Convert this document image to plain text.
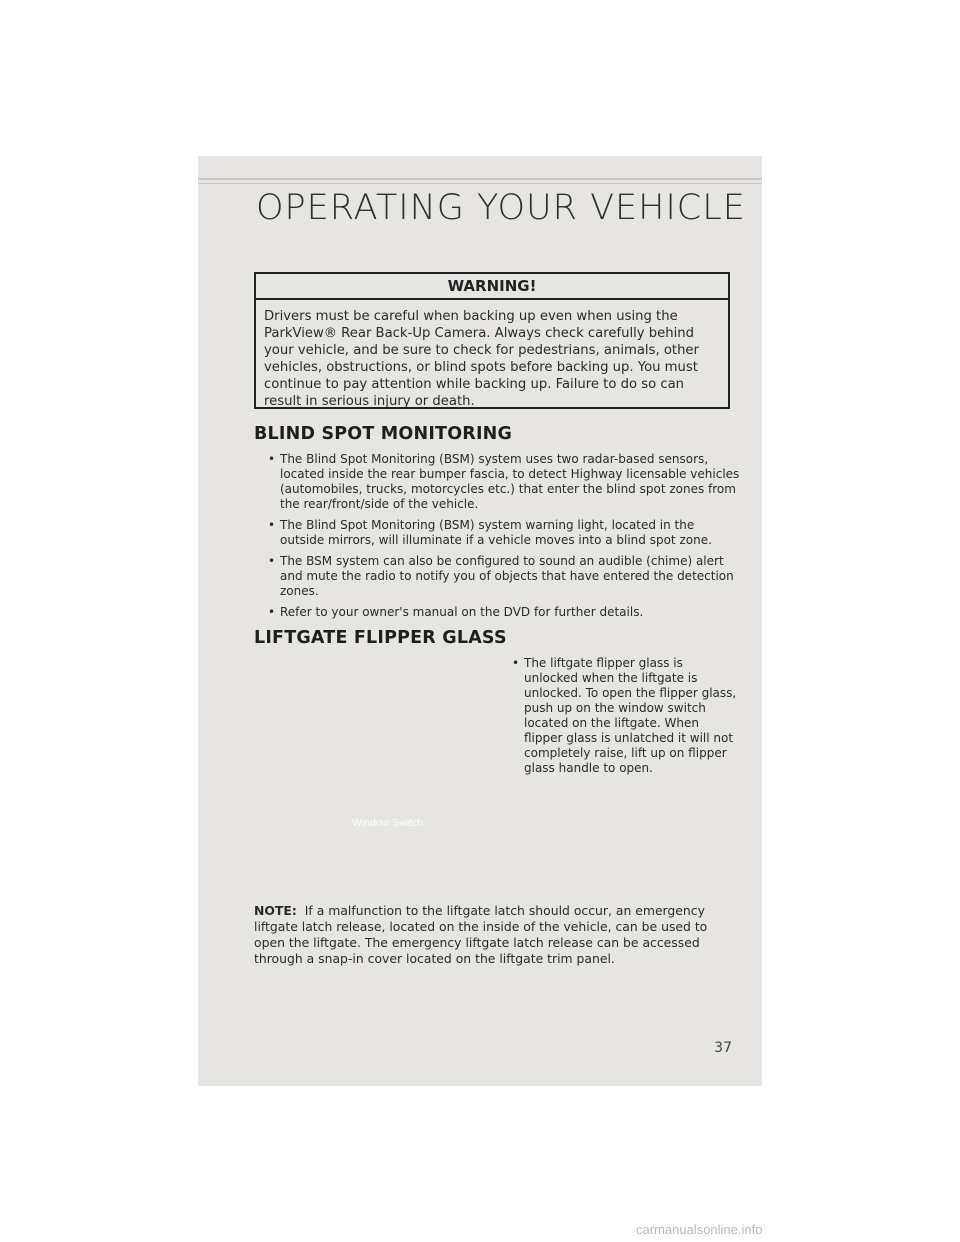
OPERATING YOUR VEHICLE
WARNING!
Drivers must be careful when backing up even when using the ParkView® Rear Back-Up Camera. Always check carefully behind your vehicle, and be sure to check for pedestrians, animals, other vehicles, obstructions, or blind spots before backing up. You must continue to pay attention while backing up. Failure to do so can result in serious injury or death.
BLIND SPOT MONITORING
• The Blind Spot Monitoring (BSM) system uses two radar-based sensors, located inside the rear bumper fascia, to detect Highway licensable vehicles (automobiles, trucks, motorcycles etc.) that enter the blind spot zones from the rear/front/side of the vehicle.
• The Blind Spot Monitoring (BSM) system warning light, located in the outside mirrors, will illuminate if a vehicle moves into a blind spot zone.
• The BSM system can also be configured to sound an audible (chime) alert and mute the radio to notify you of objects that have entered the detection zones.
• Refer to your owner's manual on the DVD for further details.
LIFTGATE FLIPPER GLASS
Window Switch
• The liftgate flipper glass is unlocked when the liftgate is unlocked. To open the flipper glass, push up on the window switch located on the liftgate. When flipper glass is unlatched it will not completely raise, lift up on flipper glass handle to open.

NOTE: If a malfunction to the liftgate latch should occur, an emergency liftgate latch release, located on the inside of the vehicle, can be used to open the liftgate. The emergency liftgate latch release can be accessed through a snap-in cover located on the liftgate trim panel.

37
carmanualsonline.info
